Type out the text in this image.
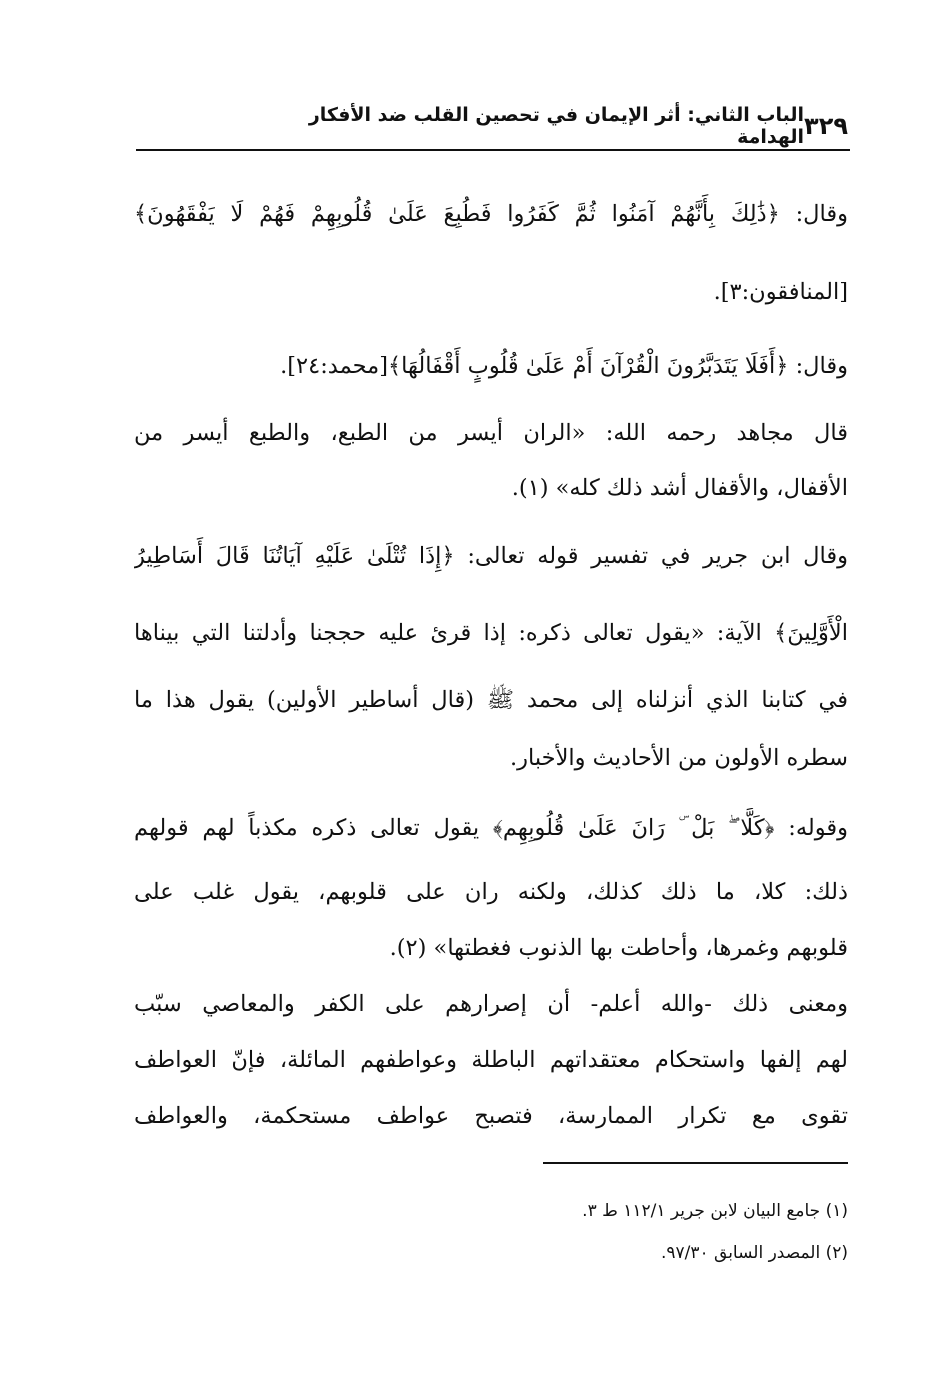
٣٢٩
الباب الثاني: أثر الإيمان في تحصين القلب ضد الأفكار الهدامة
وقال: ﴿ذَٰلِكَ بِأَنَّهُمْ آمَنُوا ثُمَّ كَفَرُوا فَطُبِعَ عَلَىٰ قُلُوبِهِمْ فَهُمْ لَا يَفْقَهُونَ﴾
[المنافقون:٣].
وقال: ﴿أَفَلَا يَتَدَبَّرُونَ الْقُرْآنَ أَمْ عَلَىٰ قُلُوبٍ أَقْفَالُهَا﴾[محمد:٢٤].
قال مجاهد رحمه الله: «الران أيسر من الطبع، والطبع أيسر من
الأقفال، والأقفال أشد ذلك كله» (١).
وقال ابن جرير في تفسير قوله تعالى: ﴿إِذَا تُتْلَىٰ عَلَيْهِ آيَاتُنَا قَالَ أَسَاطِيرُ
الْأَوَّلِينَ﴾ الآية: «يقول تعالى ذكره: إذا قرئ عليه حججنا وأدلتنا التي بيناها
في كتابنا الذي أنزلناه إلى محمد ﷺ (قال أساطير الأولين) يقول هذا ما
سطره الأولون من الأحاديث والأخبار.
وقوله: ﴿كَلَّا ۖ بَلْ ۜ رَانَ عَلَىٰ قُلُوبِهِم﴾ يقول تعالى ذكره مكذباً لهم قولهم
ذلك: كلا، ما ذلك كذلك، ولكنه ران على قلوبهم، يقول غلب على
قلوبهم وغمرها، وأحاطت بها الذنوب فغطتها» (٢).
ومعنى ذلك -والله أعلم- أن إصرارهم على الكفر والمعاصي سبّب
لهم إلفها واستحكام معتقداتهم الباطلة وعواطفهم المائلة، فإنّ العواطف
تقوى مع تكرار الممارسة، فتصبح عواطف مستحكمة، والعواطف
(١) جامع البيان لابن جرير ١١٢/١ ط ٣.
(٢) المصدر السابق ٩٧/٣٠.
